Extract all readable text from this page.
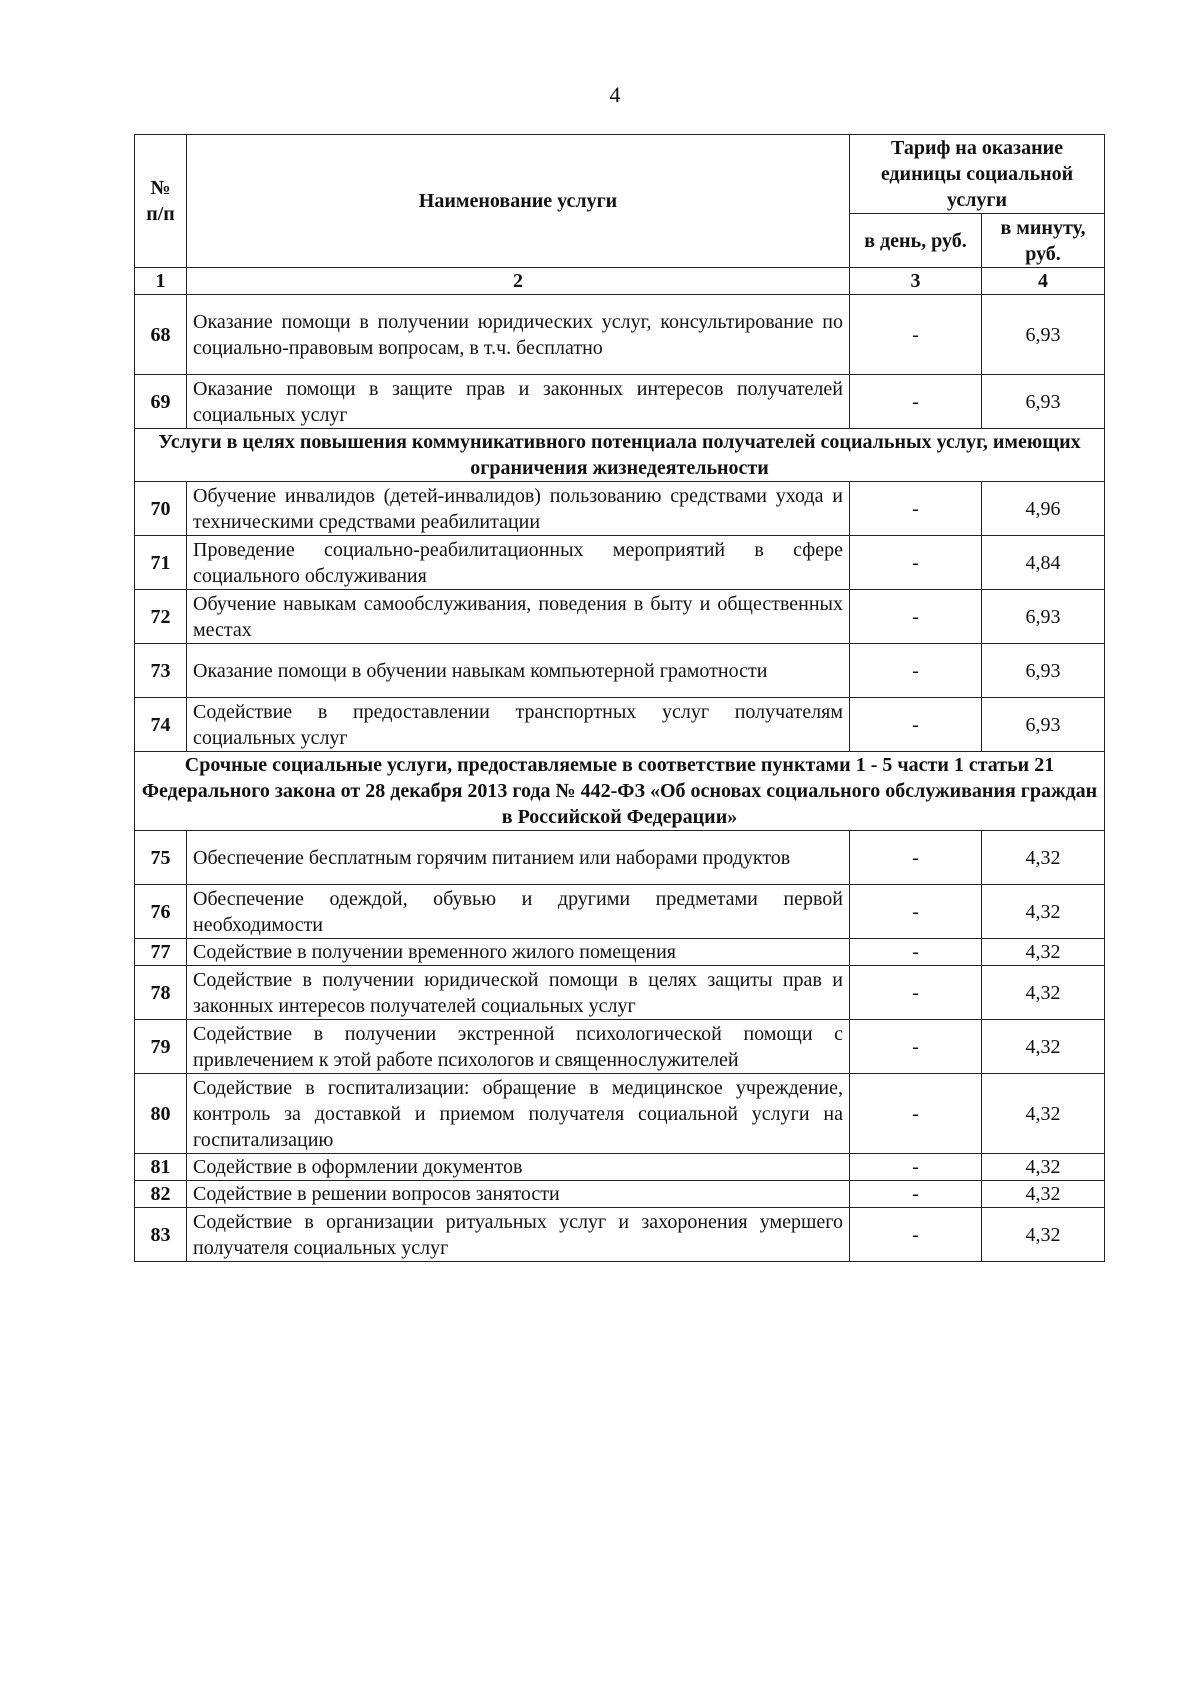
4
№ п/п	Наименование услуги	Тариф на оказание единицы социальной услуги	
		в день, руб.	в минуту, руб.
1	2	3	4
68	Оказание помощи в получении юридических услуг, консультирование по социально-правовым вопросам, в т.ч. бесплатно	-	6,93
69	Оказание помощи в защите прав и законных интересов получателей социальных услуг	-	6,93
Услуги в целях повышения коммуникативного потенциала получателей социальных услуг, имеющих ограничения жизнедеятельности			
70	Обучение инвалидов (детей-инвалидов) пользованию средствами ухода и техническими средствами реабилитации	-	4,96
71	Проведение социально-реабилитационных мероприятий в сфере социального обслуживания	-	4,84
72	Обучение навыкам самообслуживания, поведения в быту и общественных местах	-	6,93
73	Оказание помощи в обучении навыкам компьютерной грамотности	-	6,93
74	Содействие в предоставлении транспортных услуг получателям социальных услуг	-	6,93
Срочные социальные услуги, предоставляемые в соответствие пунктами 1 - 5 части 1 статьи 21 Федерального закона от 28 декабря 2013 года № 442-ФЗ «Об основах социального обслуживания граждан в Российской Федерации»			
75	Обеспечение бесплатным горячим питанием или наборами продуктов	-	4,32
76	Обеспечение одеждой, обувью и другими предметами первой необходимости	-	4,32
77	Содействие в получении временного жилого помещения	-	4,32
78	Содействие в получении юридической помощи в целях защиты прав и законных интересов получателей социальных услуг	-	4,32
79	Содействие в получении экстренной психологической помощи с привлечением к этой работе психологов и священнослужителей	-	4,32
80	Содействие в госпитализации: обращение в медицинское учреждение, контроль за доставкой и приемом получателя социальной услуги на госпитализацию	-	4,32
81	Содействие в оформлении документов	-	4,32
82	Содействие в решении вопросов занятости	-	4,32
83	Содействие в организации ритуальных услуг и захоронения умершего получателя социальных услуг	-	4,32
